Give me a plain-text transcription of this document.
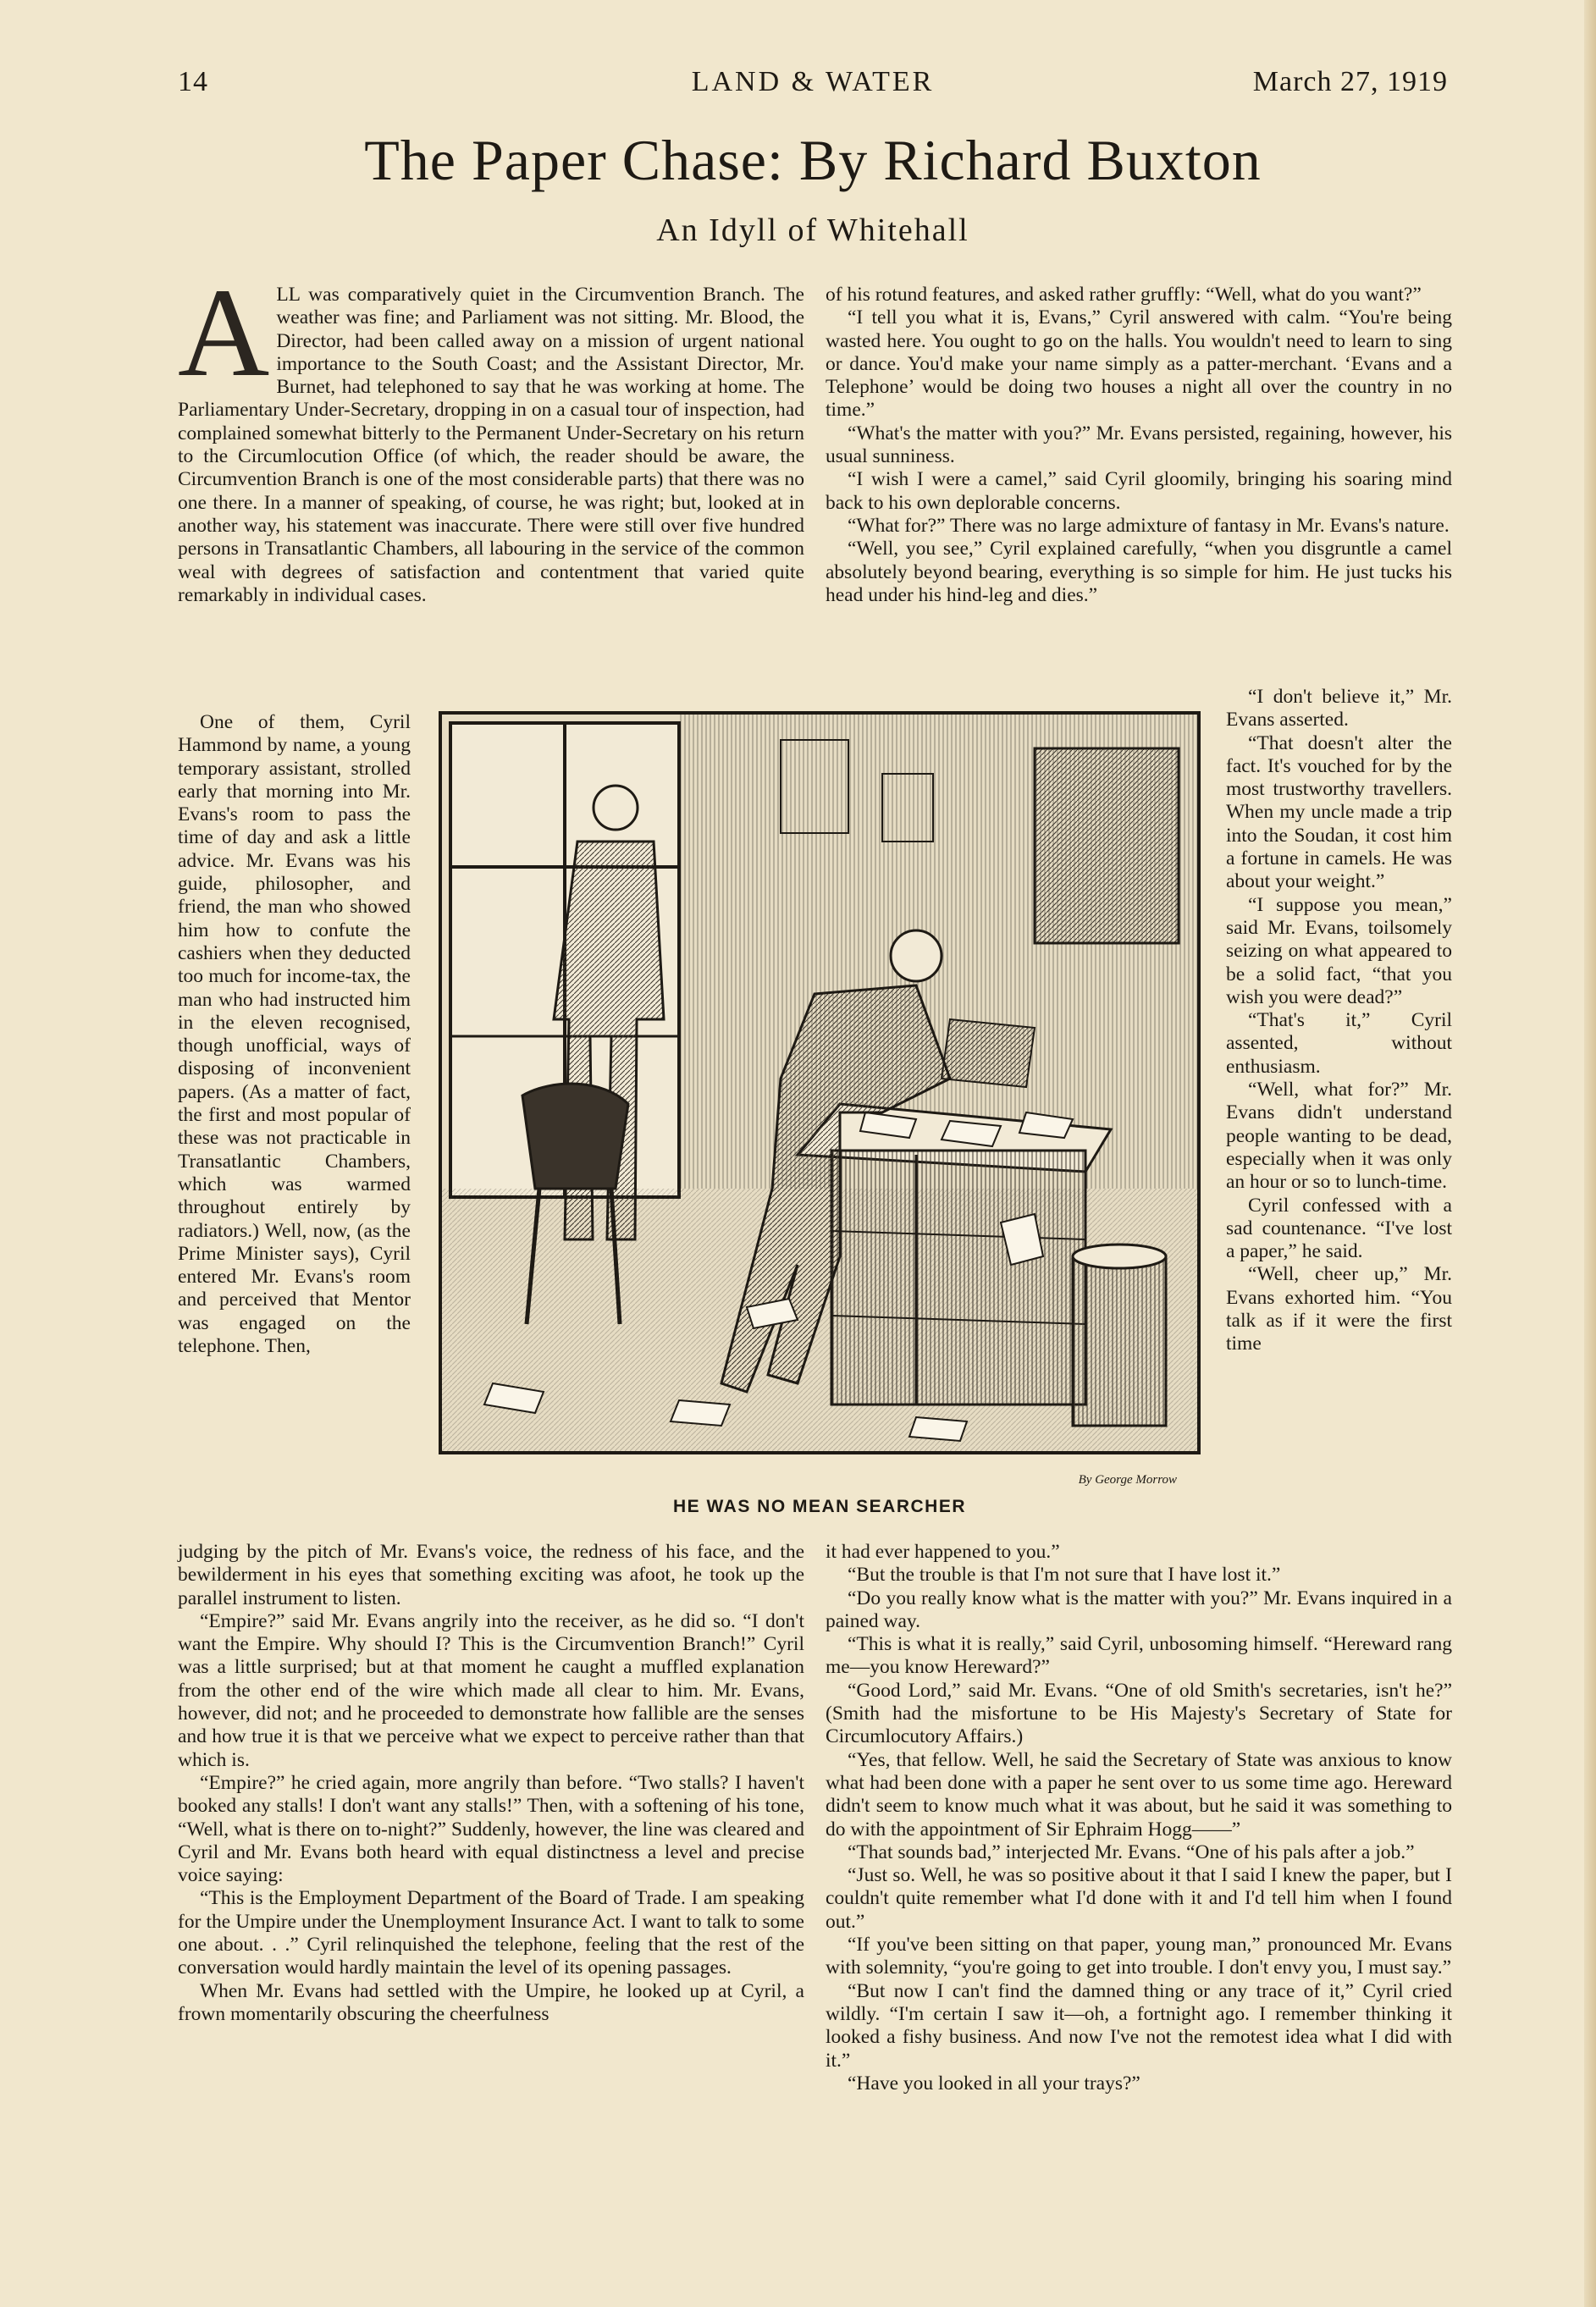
14	LAND & WATER	March 27, 1919
The Paper Chase: By Richard Buxton
An Idyll of Whitehall

ALL was comparatively quiet in the Circumvention Branch. The weather was fine; and Parliament was not sitting. Mr. Blood, the Director, had been called away on a mission of urgent national importance to the South Coast; and the Assistant Director, Mr. Burnet, had telephoned to say that he was working at home. The Parliamentary Under-Secretary, dropping in on a casual tour of inspection, had complained somewhat bitterly to the Permanent Under-Secretary on his return to the Circumlocution Office (of which, the reader should be aware, the Circumvention Branch is one of the most considerable parts) that there was no one there. In a manner of speaking, of course, he was right; but, looked at in another way, his statement was inaccurate. There were still over five hundred persons in Transatlantic Chambers, all labouring in the service of the common weal with degrees of satisfaction and contentment that varied quite remarkably in individual cases.

One of them, Cyril Hammond by name, a young temporary assistant, strolled early that morning into Mr. Evans's room to pass the time of day and ask a little advice. Mr. Evans was his guide, philosopher, and friend, the man who showed him how to confute the cashiers when they deducted too much for income-tax, the man who had instructed him in the eleven recognised, though unofficial, ways of disposing of inconvenient papers. (As a matter of fact, the first and most popular of these was not practicable in Transatlantic Chambers, which was warmed throughout entirely by radiators.) Well, now, (as the Prime Minister says), Cyril entered Mr. Evans's room and perceived that Mentor was engaged on the telephone. Then,

judging by the pitch of Mr. Evans's voice, the redness of his face, and the bewilderment in his eyes that something exciting was afoot, he took up the parallel instrument to listen.

“Empire?” said Mr. Evans angrily into the receiver, as he did so. “I don't want the Empire. Why should I? This is the Circumvention Branch!” Cyril was a little surprised; but at that moment he caught a muffled explanation from the other end of the wire which made all clear to him. Mr. Evans, however, did not; and he proceeded to demonstrate how fallible are the senses and how true it is that we perceive what we expect to perceive rather than that which is.

“Empire?” he cried again, more angrily than before. “Two stalls? I haven't booked any stalls! I don't want any stalls!” Then, with a softening of his tone, “Well, what is there on to-night?” Suddenly, however, the line was cleared and Cyril and Mr. Evans both heard with equal distinctness a level and precise voice saying:

“This is the Employment Department of the Board of Trade. I am speaking for the Umpire under the Unemployment Insurance Act. I want to talk to some one about. . .” Cyril relinquished the telephone, feeling that the rest of the conversation would hardly maintain the level of its opening passages.

When Mr. Evans had settled with the Umpire, he looked up at Cyril, a frown momentarily obscuring the cheerfulness

of his rotund features, and asked rather gruffly: “Well, what do you want?”

“I tell you what it is, Evans,” Cyril answered with calm. “You're being wasted here. You ought to go on the halls. You wouldn't need to learn to sing or dance. You'd make your name simply as a patter-merchant. ‘Evans and a Telephone’ would be doing two houses a night all over the country in no time.”

“What's the matter with you?” Mr. Evans persisted, regaining, however, his usual sunniness.

“I wish I were a camel,” said Cyril gloomily, bringing his soaring mind back to his own deplorable concerns.

“What for?” There was no large admixture of fantasy in Mr. Evans's nature.

“Well, you see,” Cyril explained carefully, “when you disgruntle a camel absolutely beyond bearing, everything is so simple for him. He just tucks his head under his hind-leg and dies.”

“I don't believe it,” Mr. Evans asserted.

“That doesn't alter the fact. It's vouched for by the most trustworthy travellers. When my uncle made a trip into the Soudan, it cost him a fortune in camels. He was about your weight.”

“I suppose you mean,” said Mr. Evans, toilsomely seizing on what appeared to be a solid fact, “that you wish you were dead?”

“That's it,” Cyril assented, without enthusiasm.

“Well, what for?” Mr. Evans didn't understand people wanting to be dead, especially when it was only an hour or so to lunch-time.

Cyril confessed with a sad countenance. “I've lost a paper,” he said.

“Well, cheer up,” Mr. Evans exhorted him. “You talk as if it were the first time

it had ever happened to you.”

“But the trouble is that I'm not sure that I have lost it.”

“Do you really know what is the matter with you?” Mr. Evans inquired in a pained way.

“This is what it is really,” said Cyril, unbosoming himself. “Hereward rang me—you know Hereward?”

“Good Lord,” said Mr. Evans. “One of old Smith's secretaries, isn't he?” (Smith had the misfortune to be His Majesty's Secretary of State for Circumlocutory Affairs.)

“Yes, that fellow. Well, he said the Secretary of State was anxious to know what had been done with a paper he sent over to us some time ago. Hereward didn't seem to know much what it was about, but he said it was something to do with the appointment of Sir Ephraim Hogg——”

“That sounds bad,” interjected Mr. Evans. “One of his pals after a job.”

“Just so. Well, he was so positive about it that I said I knew the paper, but I couldn't quite remember what I'd done with it and I'd tell him when I found out.”

“If you've been sitting on that paper, young man,” pronounced Mr. Evans with solemnity, “you're going to get into trouble. I don't envy you, I must say.”

“But now I can't find the damned thing or any trace of it,” Cyril cried wildly. “I'm certain I saw it—oh, a fortnight ago. I remember thinking it looked a fishy business. And now I've not the remotest idea what I did with it.”

“Have you looked in all your trays?”

By George Morrow
HE WAS NO MEAN SEARCHER
